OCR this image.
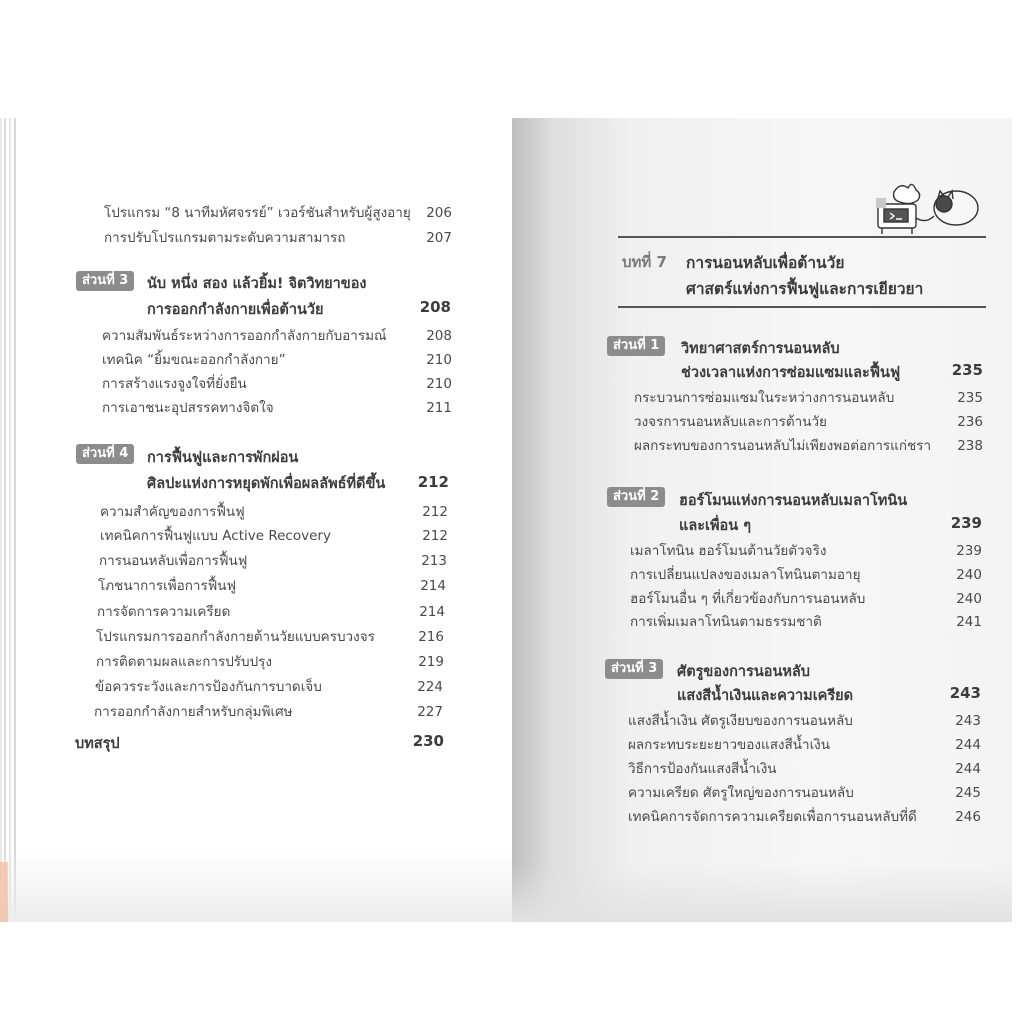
โปรแกรม “8 นาทีมหัศจรรย์” เวอร์ชันสำหรับผู้สูงอายุ 206
การปรับโปรแกรมตามระดับความสามารถ	207
ส่วนที่ 3	นับ หนึ่ง สอง แล้วยิ้ม! จิตวิทยาของ
การออกกำลังกายเพื่อต้านวัย	208
ความสัมพันธ์ระหว่างการออกกำลังกายกับอารมณ์	208
เทคนิค “ยิ้มขณะออกกำลังกาย”	210
การสร้างแรงจูงใจที่ยั่งยืน	210
การเอาชนะอุปสรรคทางจิตใจ	211
ส่วนที่ 4	การฟื้นฟูและการพักผ่อน
ศิลปะแห่งการหยุดพักเพื่อผลลัพธ์ที่ดีขึ้น 212
ความสำคัญของการฟื้นฟู	212
เทคนิคการฟื้นฟูแบบ Active Recovery	212
การนอนหลับเพื่อการฟื้นฟู	213
โภชนาการเพื่อการฟื้นฟู	214
การจัดการความเครียด	214
โปรแกรมการออกกำลังกายต้านวัยแบบครบวงจร	216
การติดตามผลและการปรับปรุง	219
ข้อควรระวังและการป้องกันการบาดเจ็บ	224
การออกกำลังกายสำหรับกลุ่มพิเศษ	227
บทสรุป	230
บทที่ 7 การนอนหลับเพื่อต้านวัย
ศาสตร์แห่งการฟื้นฟูและการเยียวยา
ส่วนที่ 1	วิทยาศาสตร์การนอนหลับ
ช่วงเวลาแห่งการซ่อมแซมและฟื้นฟู	235
กระบวนการซ่อมแซมในระหว่างการนอนหลับ	235
วงจรการนอนหลับและการต้านวัย	236
ผลกระทบของการนอนหลับไม่เพียงพอต่อการแก่ชรา 238
ส่วนที่ 2	ฮอร์โมนแห่งการนอนหลับเมลาโทนิน
และเพื่อน ๆ	239
เมลาโทนิน ฮอร์โมนต้านวัยตัวจริง	239
การเปลี่ยนแปลงของเมลาโทนินตามอายุ	240
ฮอร์โมนอื่น ๆ ที่เกี่ยวข้องกับการนอนหลับ	240
การเพิ่มเมลาโทนินตามธรรมชาติ	241
ส่วนที่ 3	ศัตรูของการนอนหลับ
แสงสีน้ำเงินและความเครียด	243
แสงสีน้ำเงิน ศัตรูเงียบของการนอนหลับ	243
ผลกระทบระยะยาวของแสงสีน้ำเงิน	244
วิธีการป้องกันแสงสีน้ำเงิน	244
ความเครียด ศัตรูใหญ่ของการนอนหลับ	245
เทคนิคการจัดการความเครียดเพื่อการนอนหลับที่ดี	246
